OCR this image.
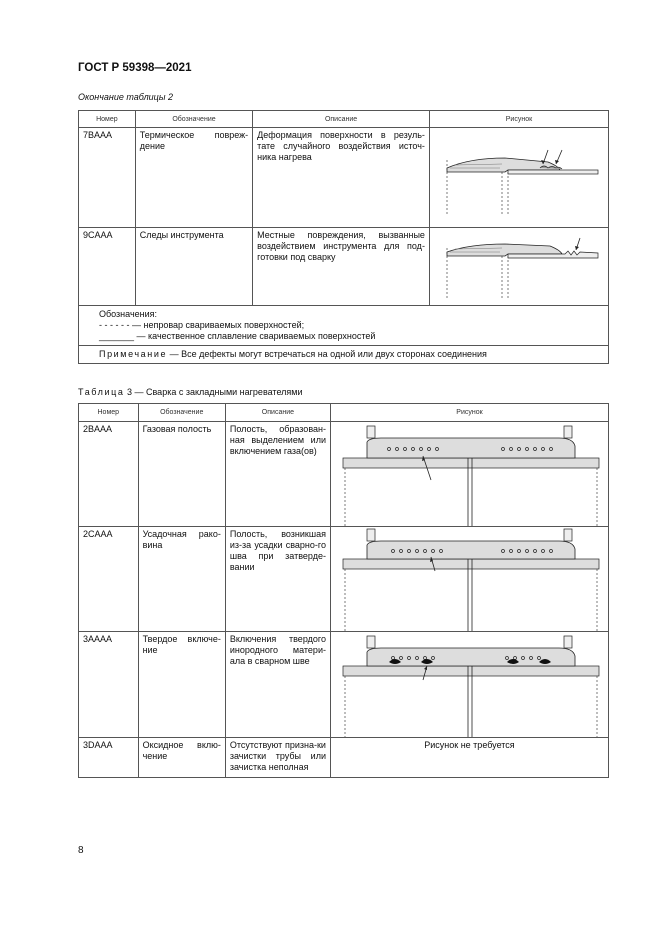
ГОСТ Р 59398—2021
Окончание таблицы 2
Номер	Обозначение	Описание	Рисунок
7BAAA	Термическое повреж-дение	Деформация поверхности в резуль-тате случайного воздействия источ-ника нагрева	

9CAAA	Следы инструмента	Местные повреждения, вызванные воздействием инструмента для под-готовки под сварку	

Обозначения:
- - - - - - — непровар свариваемых поверхностей;
_______ — качественное сплавление свариваемых поверхностей			

Примечание — Все дефекты могут встречаться на одной или двух сторонах соединения			
Таблица 3 — Сварка с закладными нагревателями
Номер	Обозначение	Описание	Рисунок
2BAAA	Газовая полость	Полость, образован-ная выделением или включением газа(ов)	

2CAAA	Усадочная рако-вина	Полость, возникшая из-за усадки сварно-го шва при затверде-вании	

3AAAA	Твердое включе-ние	Включения твердого инородного матери-ала в сварном шве	

3DAAA	Оксидное вклю-чение	Отсутствуют призна-ки зачистки трубы или зачистка неполная	Рисунок не требуется
8
